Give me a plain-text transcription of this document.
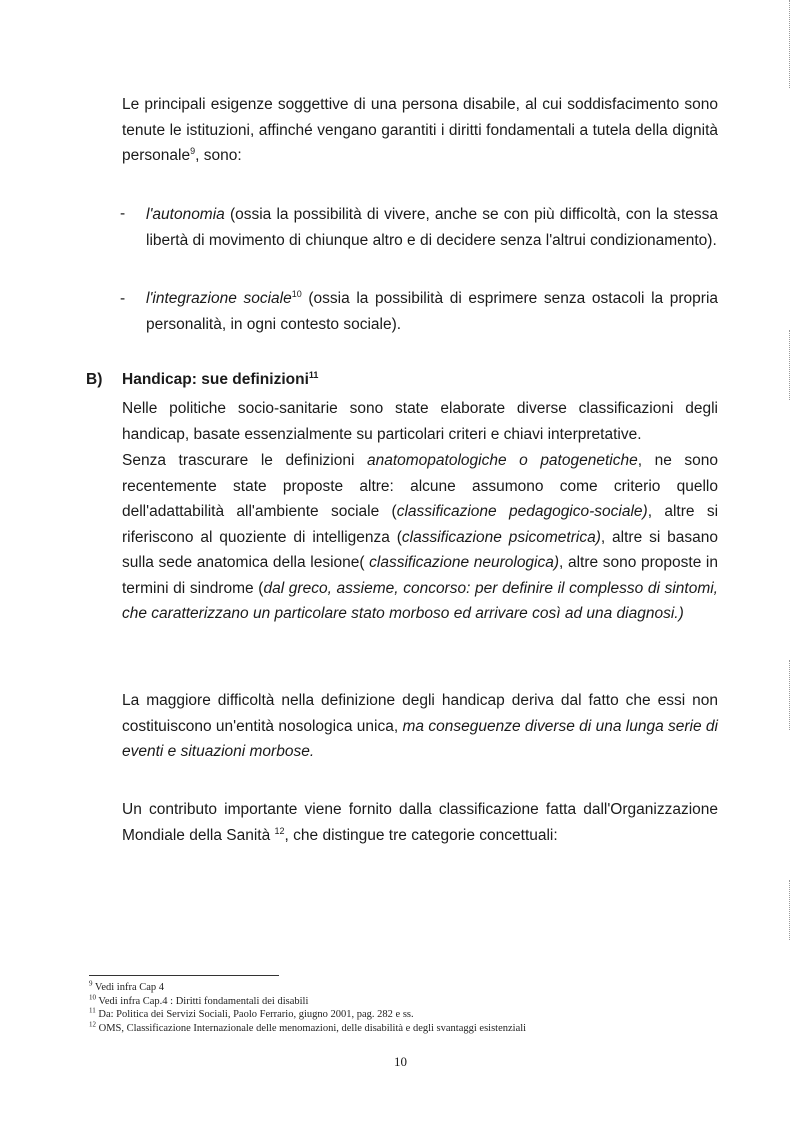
Le principali esigenze soggettive di una persona disabile, al cui soddisfacimento sono tenute le istituzioni, affinché vengano garantiti i diritti fondamentali a tutela della dignità personale$^9$, sono:

- l'autonomia (ossia la possibilità di vivere, anche se con più difficoltà, con la stessa libertà di movimento di chiunque altro e di decidere senza l'altrui condizionamento).

- l'integrazione sociale$^{10}$ (ossia la possibilità di esprimere senza ostacoli la propria personalità, in ogni contesto sociale).

B) Handicap: sue definizioni$^{11}$

Nelle politiche socio-sanitarie sono state elaborate diverse classificazioni degli handicap, basate essenzialmente su particolari criteri e chiavi interpretative.

Senza trascurare le definizioni anatomopatologiche o patogenetiche, ne sono recentemente state proposte altre: alcune assumono come criterio quello dell'adattabilità all'ambiente sociale (classificazione pedagogico-sociale), altre si riferiscono al quoziente di intelligenza (classificazione psicometrica), altre si basano sulla sede anatomica della lesione( classificazione neurologica), altre sono proposte in termini di sindrome (dal greco, assieme, concorso: per definire il complesso di sintomi, che caratterizzano un particolare stato morboso ed arrivare così ad una diagnosi.)

La maggiore difficoltà nella definizione degli handicap deriva dal fatto che essi non costituiscono un'entità nosologica unica, ma conseguenze diverse di una lunga serie di eventi e situazioni morbose.

Un contributo importante viene fornito dalla classificazione fatta dall'Organizzazione Mondiale della Sanità $^{12}$, che distingue tre categorie concettuali:

$^9$ Vedi infra Cap 4
$^{10}$ Vedi infra Cap.4 : Diritti fondamentali dei disabili
$^{11}$ Da: Politica dei Servizi Sociali, Paolo Ferrario, giugno 2001, pag. 282 e ss.
$^{12}$ OMS, Classificazione Internazionale delle menomazioni, delle disabilità e degli svantaggi esistenziali
10
